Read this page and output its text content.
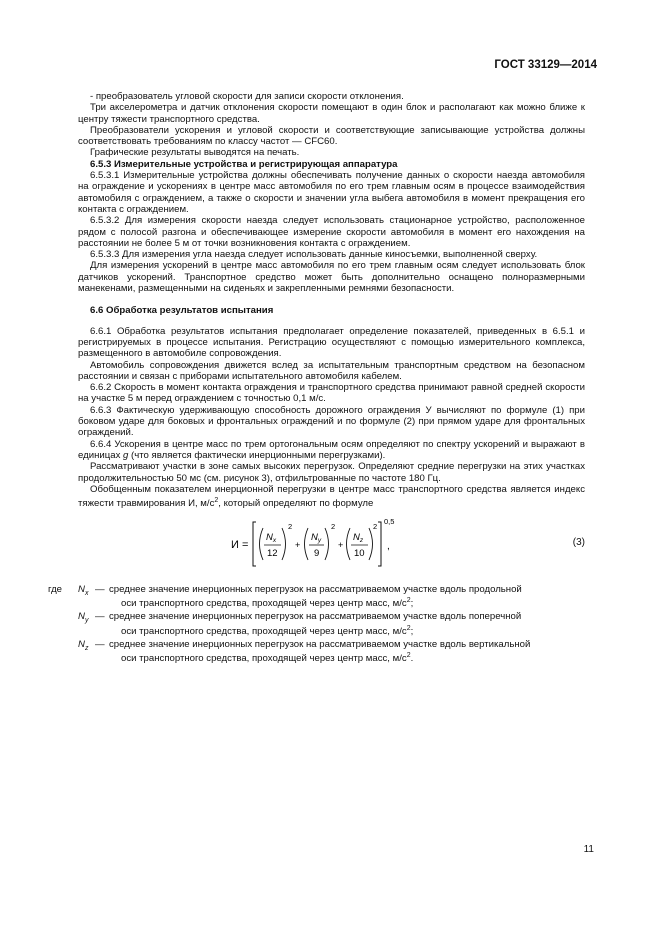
ГОСТ 33129—2014

- преобразователь угловой скорости для записи скорости отклонения.

Три акселерометра и датчик отклонения скорости помещают в один блок и располагают как можно ближе к центру тяжести транспортного средства.

Преобразователи ускорения и угловой скорости и соответствующие записывающие устройства должны соответствовать требованиям по классу частот — CFC60.

Графические результаты выводятся на печать.

6.5.3 Измерительные устройства и регистрирующая аппаратура

6.5.3.1 Измерительные устройства должны обеспечивать получение данных о скорости наезда автомобиля на ограждение и ускорениях в центре масс автомобиля по его трем главным осям в процессе взаимодействия автомобиля с ограждением, а также о скорости и значении угла выбега автомобиля в момент прекращения его контакта с ограждением.

6.5.3.2 Для измерения скорости наезда следует использовать стационарное устройство, расположенное рядом с полосой разгона и обеспечивающее измерение скорости автомобиля в момент его нахождения на расстоянии не более 5 м от точки возникновения контакта с ограждением.

6.5.3.3 Для измерения угла наезда следует использовать данные киносъемки, выполненной сверху.

Для измерения ускорений в центре масс автомобиля по его трем главным осям следует использовать блок датчиков ускорений. Транспортное средство может быть дополнительно оснащено полноразмерными манекенами, размещенными на сиденьях и закрепленными ремнями безопасности.

6.6 Обработка результатов испытания

6.6.1 Обработка результатов испытания предполагает определение показателей, приведенных в 6.5.1 и регистрируемых в процессе испытания. Регистрацию осуществляют с помощью измерительного комплекса, размещенного в автомобиле сопровождения.

Автомобиль сопровождения движется вслед за испытательным транспортным средством на безопасном расстоянии и связан с приборами испытательного автомобиля кабелем.

6.6.2 Скорость в момент контакта ограждения и транспортного средства принимают равной средней скорости на участке 5 м перед ограждением с точностью 0,1 м/с.

6.6.3 Фактическую удерживающую способность дорожного ограждения У вычисляют по формуле (1) при боковом ударе для боковых и фронтальных ограждений и по формуле (2) при прямом ударе для фронтальных ограждений.

6.6.4 Ускорения в центре масс по трем ортогональным осям определяют по спектру ускорений и выражают в единицах g (что является фактически инерционными перегрузками).

Рассматривают участки в зоне самых высоких перегрузок. Определяют средние перегрузки на этих участках продолжительностью 50 мс (см. рисунок 3), отфильтрованные по частоте 180 Гц.

Обобщенным показателем инерционной перегрузки в центре масс транспортного средства является индекс тяжести травмирования И, $м/с^2$, который определяют по формуле

И =
$N_x$
12
2
+
$N_y$
9
2
+
$N_z$
10
2
0,5
,	(3)
где	$N_x$ — среднее значение инерционных перегрузок на рассматриваемом участке вдоль продольной
оси транспортного средства, проходящей через центр масс, $м/с^2$;
$N_y$ — среднее значение инерционных перегрузок на рассматриваемом участке вдоль поперечной
оси транспортного средства, проходящей через центр масс, $м/с^2$;
$N_z$ — среднее значение инерционных перегрузок на рассматриваемом участке вдоль вертикальной
оси транспортного средства, проходящей через центр масс, $м/с^2$.
11
